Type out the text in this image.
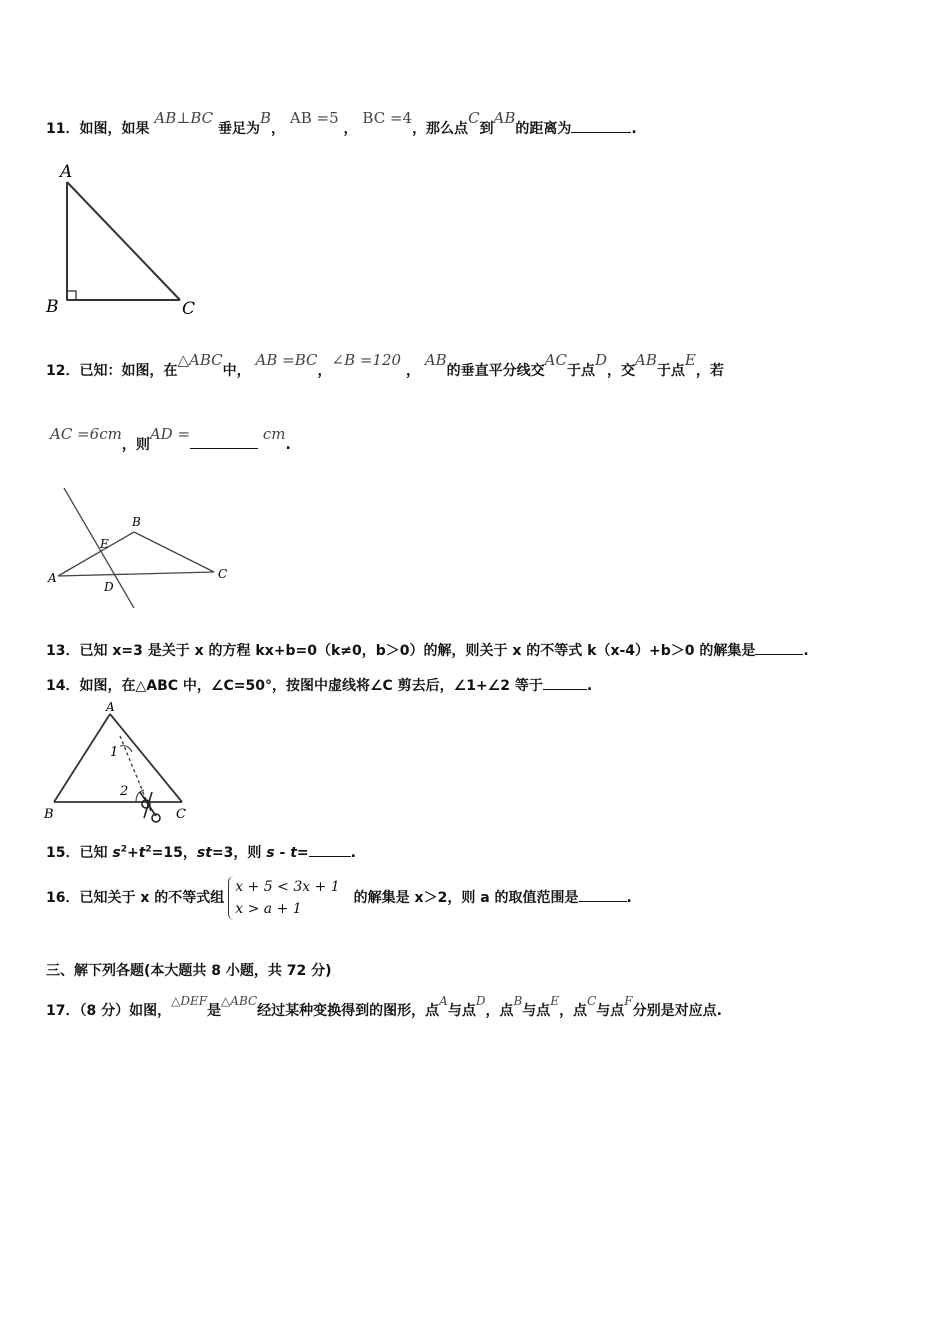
11．如图，如果 AB⊥BC 垂足为B， AB =5 ， BC =4，那么点C到AB的距离为	.
A
B	C
12．已知：如图，在△ABC中， AB =BC，∠B =120 ， AB的垂直平分线交AC于点D，交AB于点E，若
AC =6cm，则AD =	cm.
A
B
C
D
E
13．已知 x=3 是关于 x 的方程 kx+b=0（k≠0，b＞0）的解，则关于 x 的不等式 k（x-4）+b＞0 的解集是	.
14．如图，在△ABC 中，∠C=50°，按图中虚线将∠C 剪去后，∠1+∠2 等于	.
A
B	C
1
2
15．已知 $s^2+t^2=15$，st=3，则 s - t=	.
16．已知关于 x 的不等式组x + 5 < 3x + 1
x > a + 1的解集是 x＞2，则 a 的取值范围是	.
三、解下列各题(本大题共 8 小题，共 72 分)
17．（8 分）如图，△DEF是△ABC经过某种变换得到的图形，点A与点D，点B与点E，点C与点F分别是对应点.
